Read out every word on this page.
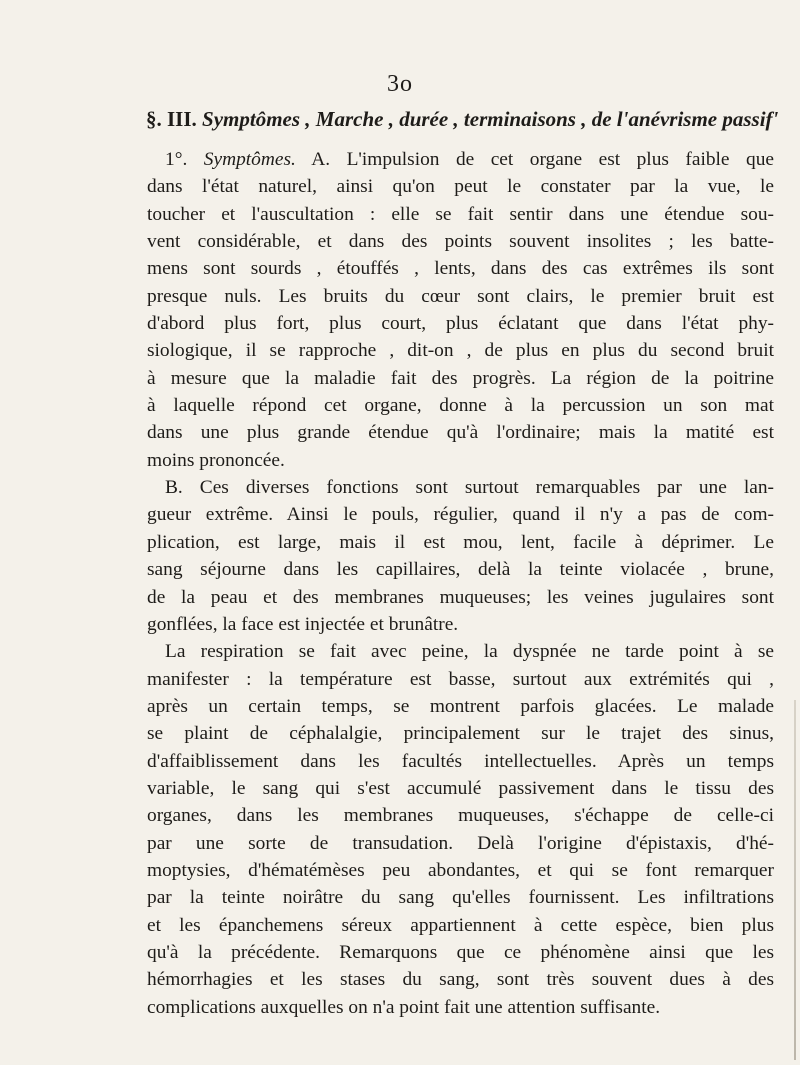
3o
§. III. Symptômes , Marche , durée , terminaisons , de l'anévrisme passif'
1°. Symptômes. A. L'impulsion de cet organe est plus faible que
dans l'état naturel, ainsi qu'on peut le constater par la vue, le
toucher et l'auscultation : elle se fait sentir dans une étendue sou-
vent considérable, et dans des points souvent insolites ; les batte-
mens sont sourds , étouffés , lents, dans des cas extrêmes ils sont
presque nuls. Les bruits du cœur sont clairs, le premier bruit est
d'abord plus fort, plus court, plus éclatant que dans l'état phy-
siologique, il se rapproche , dit-on , de plus en plus du second bruit
à mesure que la maladie fait des progrès. La région de la poitrine
à laquelle répond cet organe, donne à la percussion un son mat
dans une plus grande étendue qu'à l'ordinaire; mais la matité est
moins prononcée.
B. Ces diverses fonctions sont surtout remarquables par une lan-
gueur extrême. Ainsi le pouls, régulier, quand il n'y a pas de com-
plication, est large, mais il est mou, lent, facile à déprimer. Le
sang séjourne dans les capillaires, delà la teinte violacée , brune,
de la peau et des membranes muqueuses; les veines jugulaires sont
gonflées, la face est injectée et brunâtre.
La respiration se fait avec peine, la dyspnée ne tarde point à se
manifester : la température est basse, surtout aux extrémités qui ,
après un certain temps, se montrent parfois glacées. Le malade
se plaint de céphalalgie, principalement sur le trajet des sinus,
d'affaiblissement dans les facultés intellectuelles. Après un temps
variable, le sang qui s'est accumulé passivement dans le tissu des
organes, dans les membranes muqueuses, s'échappe de celle-ci
par une sorte de transudation. Delà l'origine d'épistaxis, d'hé-
moptysies, d'hématémèses peu abondantes, et qui se font remarquer
par la teinte noirâtre du sang qu'elles fournissent. Les infiltrations
et les épanchemens séreux appartiennent à cette espèce, bien plus
qu'à la précédente. Remarquons que ce phénomène ainsi que les
hémorrhagies et les stases du sang, sont très souvent dues à des
complications auxquelles on n'a point fait une attention suffisante.
